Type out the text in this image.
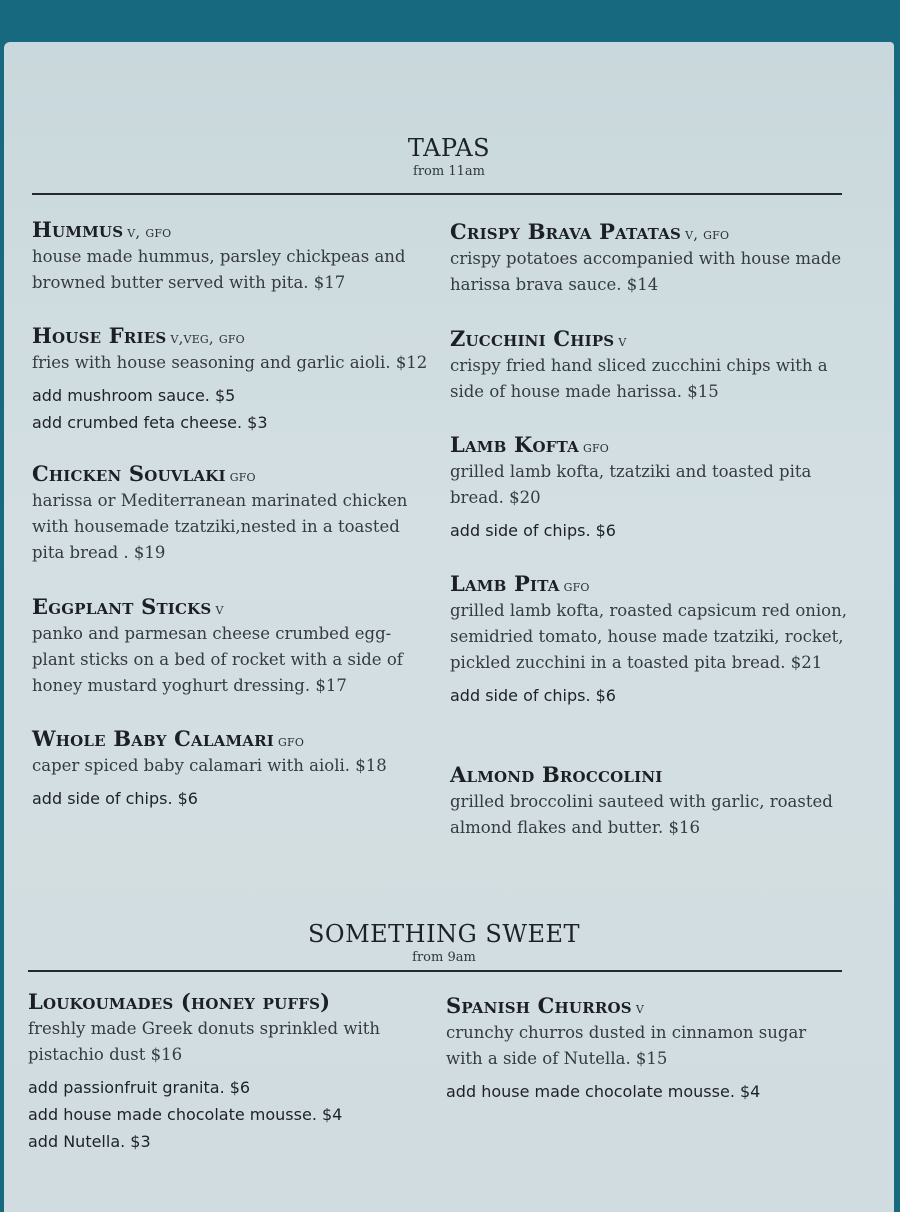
TAPAS
from 11am
Hummus v, gfo
house made hummus, parsley chickpeas and browned butter served with pita. $17
House Fries v,veg, gfo
fries with house seasoning and garlic aioli. $12
add mushroom sauce. $5
add crumbed feta cheese. $3
Chicken Souvlaki gfo
harissa or Mediterranean marinated chicken with housemade tzatziki,nested in a toasted pita bread . $19
Eggplant Sticks v
panko and parmesan cheese crumbed egg-plant sticks on a bed of rocket with a side of honey mustard yoghurt dressing. $17
Whole Baby Calamari gfo
caper spiced baby calamari with aioli. $18
add side of chips. $6
Crispy Brava Patatas v, gfo
crispy potatoes accompanied with house made harissa brava sauce. $14
Zucchini Chips v
crispy fried hand sliced zucchini chips with a side of house made harissa. $15
Lamb Kofta gfo
grilled lamb kofta, tzatziki and toasted pita bread. $20
add side of chips. $6
Lamb Pita gfo
grilled lamb kofta, roasted capsicum red onion, semidried tomato, house made tzatziki, rocket, pickled zucchini in a toasted pita bread. $21
add side of chips. $6
Almond Broccolini
grilled broccolini sauteed with garlic, roasted almond flakes and butter. $16
SOMETHING SWEET
from 9am
Loukoumades (honey puffs)
freshly made Greek donuts sprinkled with pistachio dust $16
add passionfruit granita. $6
add house made chocolate mousse. $4
add Nutella. $3
Spanish Churros v
crunchy churros dusted in cinnamon sugar with a side of Nutella. $15
add house made chocolate mousse. $4
